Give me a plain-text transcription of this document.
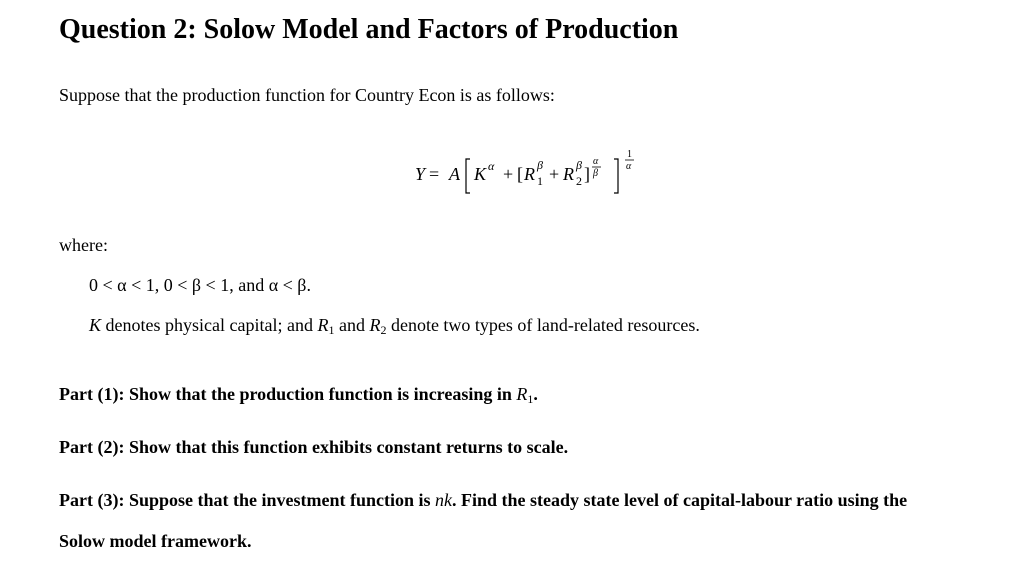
Question 2: Solow Model and Factors of Production
Suppose that the production function for Country Econ is as follows:
Y = A K α + [ R β
1 + R β
2 ]
α
β
1
α
where:
0 < α < 1, 0 < β < 1, and α < β.
K denotes physical capital; and $R_1$ and $R_2$ denote two types of land-related resources.
Part (1): Show that the production function is increasing in $R_1$.
Part (2): Show that this function exhibits constant returns to scale.
Part (3): Suppose that the investment function is nk. Find the steady state level of capital-labour ratio using the
Solow model framework.
